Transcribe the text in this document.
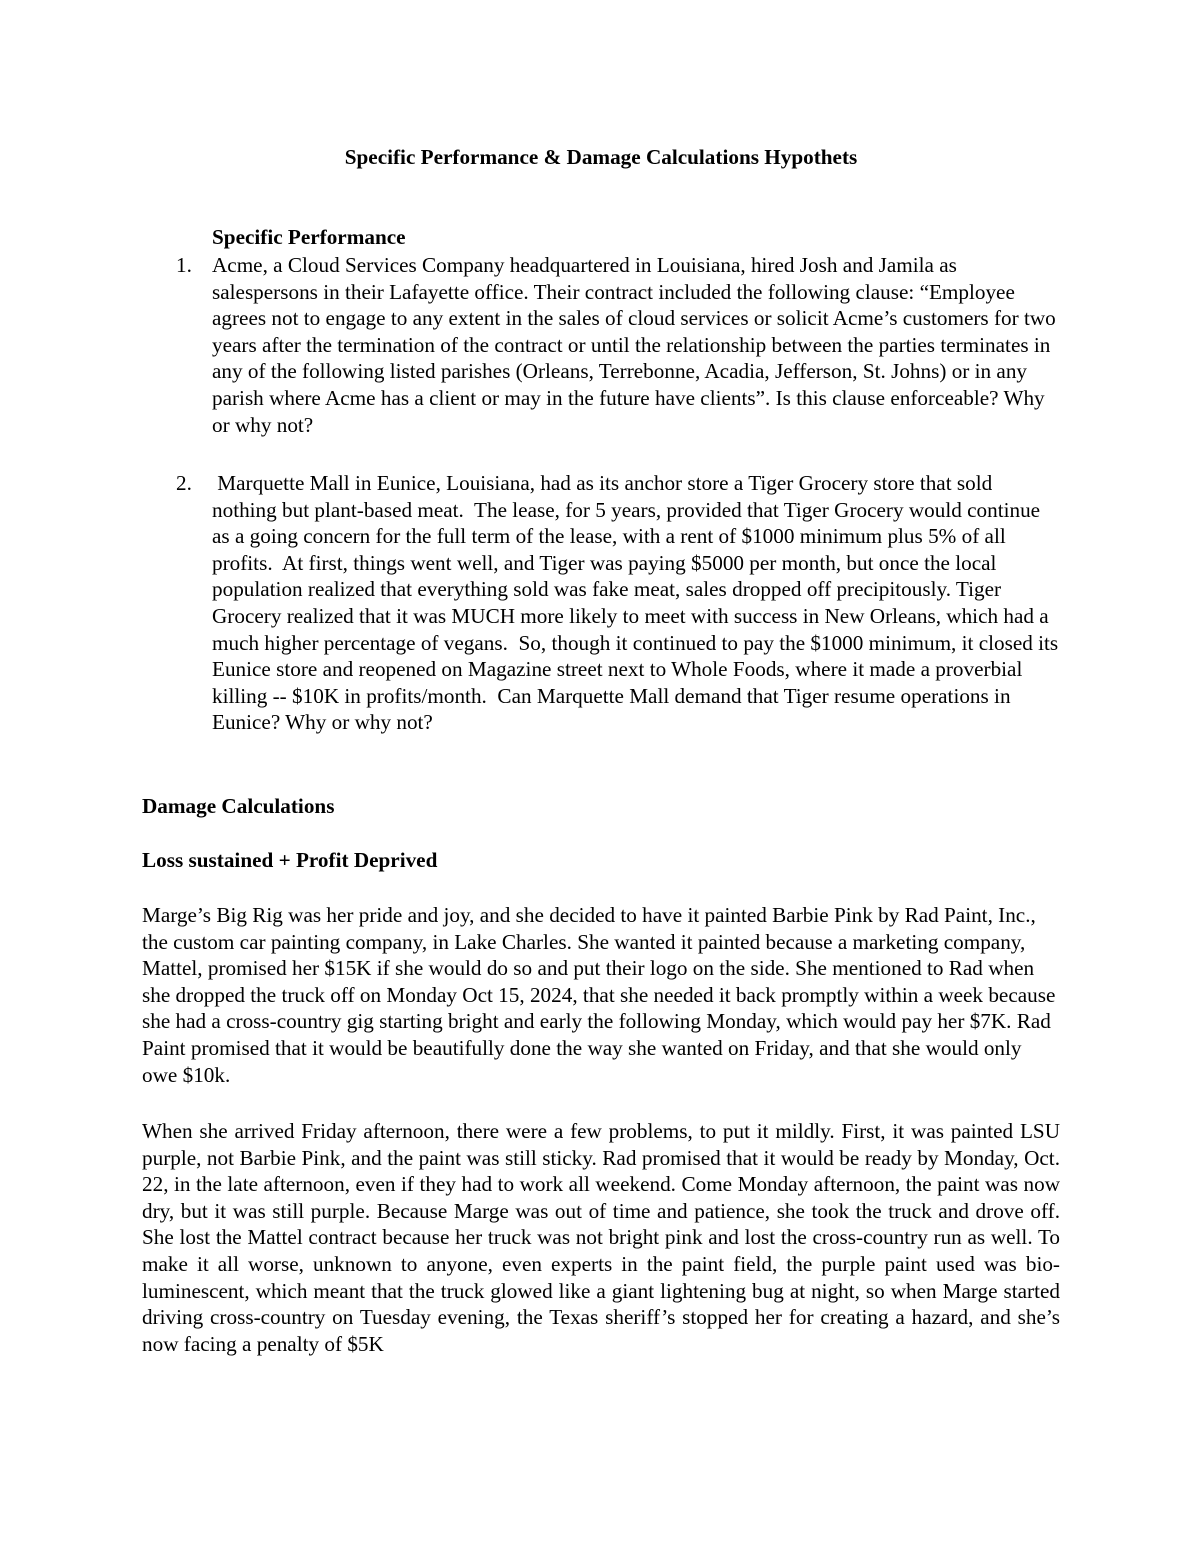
Specific Performance & Damage Calculations Hypothets
Specific Performance
1. Acme, a Cloud Services Company headquartered in Louisiana, hired Josh and Jamila as salespersons in their Lafayette office. Their contract included the following clause: “Employee agrees not to engage to any extent in the sales of cloud services or solicit Acme’s customers for two years after the termination of the contract or until the relationship between the parties terminates in any of the following listed parishes (Orleans, Terrebonne, Acadia, Jefferson, St. Johns) or in any parish where Acme has a client or may in the future have clients”. Is this clause enforceable? Why or why not?
2. Marquette Mall in Eunice, Louisiana, had as its anchor store a Tiger Grocery store that sold nothing but plant-based meat.  The lease, for 5 years, provided that Tiger Grocery would continue as a going concern for the full term of the lease, with a rent of $1000 minimum plus 5% of all profits.  At first, things went well, and Tiger was paying $5000 per month, but once the local population realized that everything sold was fake meat, sales dropped off precipitously. Tiger Grocery realized that it was MUCH more likely to meet with success in New Orleans, which had a much higher percentage of vegans.  So, though it continued to pay the $1000 minimum, it closed its Eunice store and reopened on Magazine street next to Whole Foods, where it made a proverbial killing -- $10K in profits/month.  Can Marquette Mall demand that Tiger resume operations in Eunice? Why or why not?
Damage Calculations
Loss sustained + Profit Deprived

Marge’s Big Rig was her pride and joy, and she decided to have it painted Barbie Pink by Rad Paint, Inc., the custom car painting company, in Lake Charles. She wanted it painted because a marketing company, Mattel, promised her $15K if she would do so and put their logo on the side. She mentioned to Rad when she dropped the truck off on Monday Oct 15, 2024, that she needed it back promptly within a week because she had a cross-country gig starting bright and early the following Monday, which would pay her $7K. Rad Paint promised that it would be beautifully done the way she wanted on Friday, and that she would only owe $10k.

When she arrived Friday afternoon, there were a few problems, to put it mildly. First, it was painted LSU purple, not Barbie Pink, and the paint was still sticky. Rad promised that it would be ready by Monday, Oct. 22, in the late afternoon, even if they had to work all weekend. Come Monday afternoon, the paint was now dry, but it was still purple. Because Marge was out of time and patience, she took the truck and drove off. She lost the Mattel contract because her truck was not bright pink and lost the cross-country run as well. To make it all worse, unknown to anyone, even experts in the paint field, the purple paint used was bio-luminescent, which meant that the truck glowed like a giant lightening bug at night, so when Marge started driving cross-country on Tuesday evening, the Texas sheriff’s stopped her for creating a hazard, and she’s now facing a penalty of $5K
